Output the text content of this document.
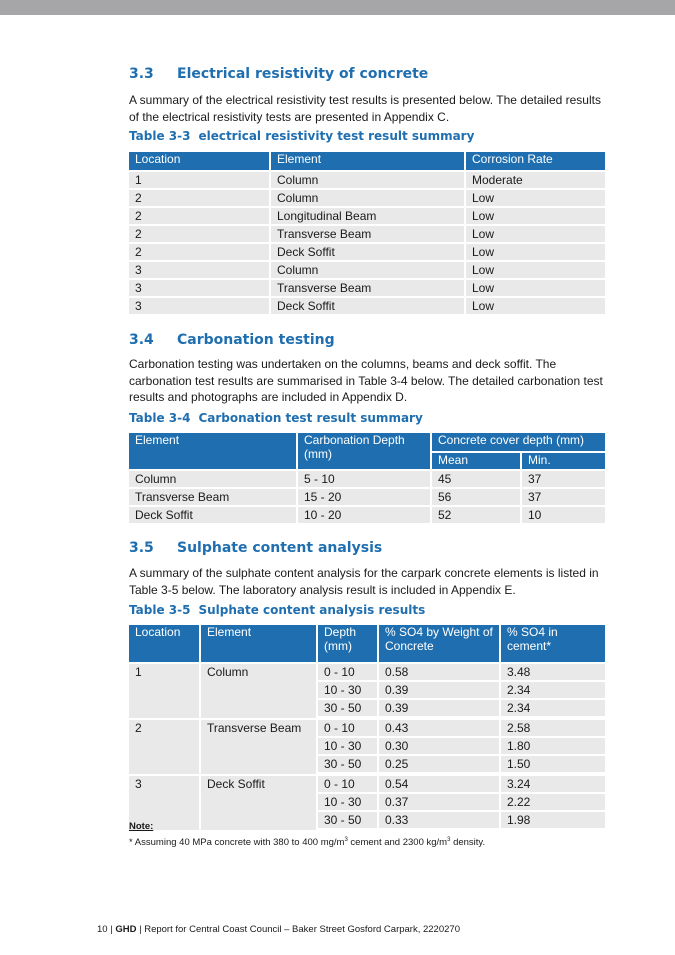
3.3 Electrical resistivity of concrete
A summary of the electrical resistivity test results is presented below. The detailed results of the electrical resistivity tests are presented in Appendix C.
Table 3-3 electrical resistivity test result summary
Location	Element	Corrosion Rate
1	Column	Moderate
2	Column	Low
2	Longitudinal Beam	Low
2	Transverse Beam	Low
2	Deck Soffit	Low
3	Column	Low
3	Transverse Beam	Low
3	Deck Soffit	Low
3.4 Carbonation testing
Carbonation testing was undertaken on the columns, beams and deck soffit. The carbonation test results are summarised in Table 3-4 below. The detailed carbonation test results and photographs are included in Appendix D.
Table 3-4 Carbonation test result summary
Element	Carbonation Depth (mm)	Concrete cover depth (mm)	
		Mean	Min.
Column	5 - 10	45	37
Transverse Beam	15 - 20	56	37
Deck Soffit	10 - 20	52	10
3.5 Sulphate content analysis
A summary of the sulphate content analysis for the carpark concrete elements is listed in Table 3-5 below. The laboratory analysis result is included in Appendix E.
Table 3-5 Sulphate content analysis results
Location	Element	Depth (mm)	% SO4 by Weight of Concrete	% SO4 in cement*
1	Column	0 - 10	0.58	3.48
		10 - 30	0.39	2.34
		30 - 50	0.39	2.34

2	Transverse Beam	0 - 10	0.43	2.58
		10 - 30	0.30	1.80
		30 - 50	0.25	1.50

3	Deck Soffit	0 - 10	0.54	3.24
		10 - 30	0.37	2.22
		30 - 50	0.33	1.98

Note:
* Assuming 40 MPa concrete with 380 to 400 $mg/m^3$ cement and 2300 $kg/m^3$ density.
10 | GHD | Report for Central Coast Council – Baker Street Gosford Carpark, 2220270
